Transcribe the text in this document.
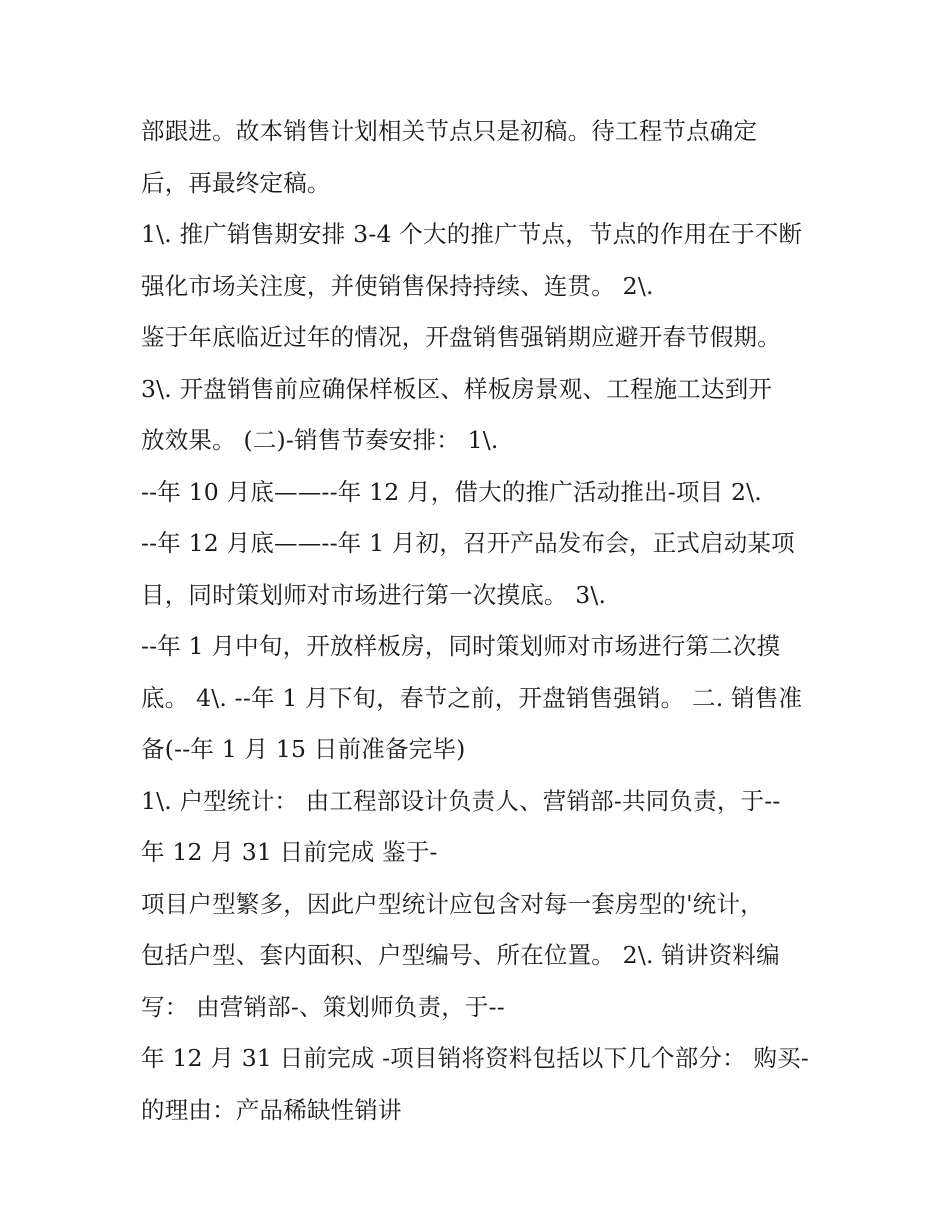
部跟进。故本销售计划相关节点只是初稿。待工程节点确定
后，再最终定稿。
1\. 推广销售期安排 3-4 个大的推广节点，节点的作用在于不断
强化市场关注度，并使销售保持持续、连贯。 2\.
鉴于年底临近过年的情况，开盘销售强销期应避开春节假期。
3\. 开盘销售前应确保样板区、样板房景观、工程施工达到开
放效果。 (二)-销售节奏安排： 1\.
--年 10 月底——--年 12 月，借大的推广活动推出-项目 2\.
--年 12 月底——--年 1 月初，召开产品发布会，正式启动某项
目，同时策划师对市场进行第一次摸底。 3\.
--年 1 月中旬，开放样板房，同时策划师对市场进行第二次摸
底。 4\. --年 1 月下旬，春节之前，开盘销售强销。 二. 销售准
备(--年 1 月 15 日前准备完毕)
1\. 户型统计： 由工程部设计负责人、营销部-共同负责，于--
年 12 月 31 日前完成 鉴于-
项目户型繁多，因此户型统计应包含对每一套房型的'统计，
包括户型、套内面积、户型编号、所在位置。 2\. 销讲资料编
写： 由营销部-、策划师负责，于--
年 12 月 31 日前完成 -项目销将资料包括以下几个部分： 购买-
的理由：产品稀缺性销讲
